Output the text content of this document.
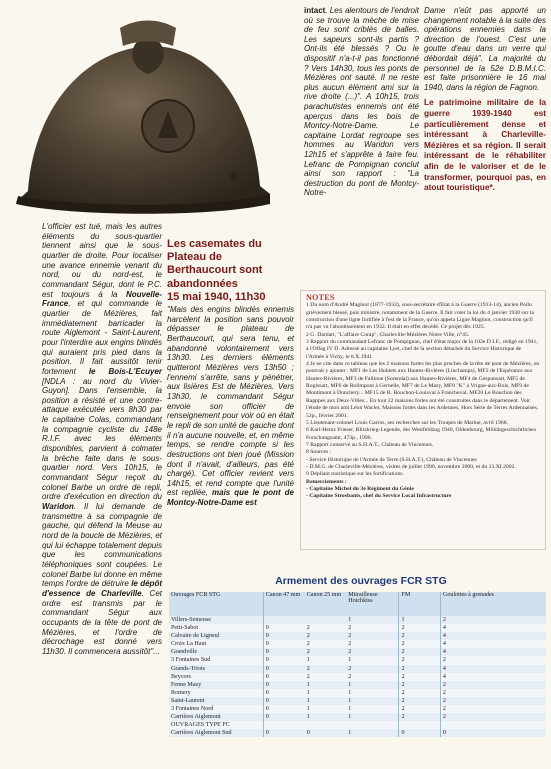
L'officier est tué, mais les autres éléments du sous-quartier tiennent ainsi que le sous-quartier de droite. Pour localiser une avance ennemie venant du nord, ou du nord-est, le commandant Ségur, dont le P.C. est toujours à la Nouvelle-France, et qui commande le quartier de Mézières, fait immédiatement barricader la route Aiglemont - Saint-Laurent, pour l'interdire aux engins blindés qui auraient pris pied dans la position. Il fait aussitôt tenir fortement le Bois-L'Ecuyer [NDLA : au nord du Vivier-Guyon]. Dans l'ensemble, la position a résisté et une contre-attaque exécutée vers 8h30 par le capitaine Colas, commandant la compagnie cycliste du 148e R.I.F. avec les éléments disponibles, parvient à colmater la brèche faite dans le sous-quartier nord. Vers 10h15, le commandant Ségur reçoit du colonel Barbe un ordre de repli, ordre d'exécution en direction du Waridon. Il lui demande de transmettre à sa compagnie de gauche, qui défend la Meuse au nord de la boucle de Mézières, et qui lui échappe totalement depuis que les communications téléphoniques sont coupées. Le colonel Barbe lui donne en même temps l'ordre de détruire le dépôt d'essence de Charleville. Cet ordre est transmis par le commandant Ségur aux occupants de la tête de pont de Mézières, et l'ordre de décrochage est donné vers 11h30. Il commencera aussitôt"...
Les casemates du Plateau de Berthaucourt sont abandonnées
15 mai 1940, 11h30
"Mais des engins blindés ennemis harcèlent la position sans pouvoir dépasser le plateau de Berthaucourt, qui sera tenu, et abandonné volontairement vers 13h30. Les derniers éléments quitteront Mézières vers 13h50 ; l'ennemi s'arrête, sans y pénétrer, aux lisières Est de Mézières. Vers 13h30, le commandant Ségur envoie son officier de renseignement pour voir où en était le repli de son unité de gauche dont il n'a aucune nouvelle, et, en même temps, se rendre compte si les destructions ont bien joué (Mission dont il n'avait, d'ailleurs, pas été chargé). Cet officier revient vers 14h15, et rend compte que l'unité est repliée, mais que le pont de Montcy-Notre-Dame est
intact. Les alentours de l'endroit où se trouve la mèche de mise de feu sont criblés de balles. Les sapeurs sont-ils partis ? Ont-ils été blessés ? Ou le dispositif n'a-t-il pas fonctionné ? Vers 14h30, tous les ponts de Mézières ont sauté. Il ne reste plus aucun élément ami sur la rive droite (...)". A 10h15, trois parachutistes ennemis ont été aperçus dans les bois de Montcy-Notre-Dame. Le capitaine Lordat regroupe ses hommes au Waridon vers 12h15 et s'apprête à faire feu. Lefranc de Pompignan conclut ainsi son rapport : "La destruction du pont de Montcy-Notre-
Dame n'eût pas apporté un changement notable à la suite des opérations ennemies dans la direction de l'ouest. C'est une goutte d'eau dans un verre qui débordait déjà". La majorité du personnel de la 52e D.B.M.I.C. est faite prisonnière le 16 mai 1940, dans la région de Fagnon.
Le patrimoine militaire de la guerre 1939-1940 est particulièrement dense et intéressant à Charleville-Mézières et sa région. Il serait intéressant de le réhabiliter afin de le valoriser et de le transformer, pourquoi pas, en atout touristique*.
NOTES

1 Du nom d'André Maginot (1877-1932), sous-secrétaire d'Etat à la Guerre (1913-14), ancien Poilu grièvement blessé, puis ministre, notamment de la Guerre. Il fait voter la loi du 4 janvier 1930 sur la construction d'une ligne fortifiée à l'est de la France, qu'on appela Ligne Maginot, construction qu'il n'a pas vu l'aboutissement en 1932. Il était en effet décédé. Ce projet dès 1925.

2 G. Dardart, "L'affaire Corap", Charleville-Mézières Notre Ville, n°45.

3 Rapport du commandant Lefranc de Pompignan, chef d'état major de la 102e D.I.F., rédigé en 1941, à l'Oflag IV D. Adressé au capitaine Lyet, chef de la section détachée du Service Historique de l'Armée à Vichy, le 8.X.1941.

4 Je ne cite dans ce tableau que les 2 maisons fortes les plus proches de la tête de pont de Mézières, on pourrait y ajouter : MF1 de Les Hubiets aux Hautes-Rivières (Linchamps), MF2 de l'Espérance aux Hautes-Rivières, MF3 de Failloue (Sorendal) aux Hautes-Rivières, MF4 de Gespunsart, MF5 de Rogissart, MF6 de Rolimpont à Gernelle, MF7 de Le Mazy, MF8 "K" à Vrigne-aux-Bois, MF9 de Montimont à Donchery... MF15 de R. Bouchon-Louisval à Francheval, MF20 Le Bouchon des Rapppes aux Deux-Villes... En tout 22 maisons fortes ont été construites dans le département. Voir l'étude de mon ami Léon Waclet, Maisons fortes dans les Ardennes, Hors Série de Terres Ardennaises, 52p., février 2001.

5 Lieutenant-colonel Louis Garros, ses recherches sur les Troupes de Marine, avril 1968.

6 Karl-Heinz Frieser, Blitzkrieg-Legende, des Westfeldzug 1940, Oldenbourg, Militärgeschichtliches Forschungsamt, 473p., 1996.

7 Rapport conservé au S.H.A.T., Château de Vincennes.

8 Sources :

- Service Historique de l'Armée de Terre (S.H.A.T.), Château de Vincennes

- D.M.G. de Charleville-Mézières, visites de juillet 1990, novembre 2000, et du 13.XI.2002.

9 Dépliant touristique sur les fortifications.

Remerciements :

- Capitaine Michel du 3e Régiment du Génie

- Capitaine Strosbants, chef du Service Local Infrastructure

Armement des ouvrages FCR STG
Ouvrages FCR STG	Canon 47 mm	Canon 25 mm	Mitrailleuse Hotchkiss	FM	Goulottes à grenades
Villers-Semeuse			1	1	2
Petit-Sabot	0	2	2	2	4
Calvaire de Ligneul	0	2	2	2	4
Croix La Haut	0	2	2	2	4
Grandville	0	2	2	2	4
3 Fontaines Sud	0	1	1	2	2
Grands-Triots	0	2	2	2	4
Beycors	0	2	2	2	4
Fenne Mazy	0	1	1	2	2
Romery	0	1	1	2	2
Saint-Laurent	0	1	1	2	2
3 Fontaines Nord	0	1	1	2	2
Carrières Aiglemont	0	1	1	2	2
OUVRAGES TYPE FC					
Carrières Aiglemont Sud	0	0	1	0	0
